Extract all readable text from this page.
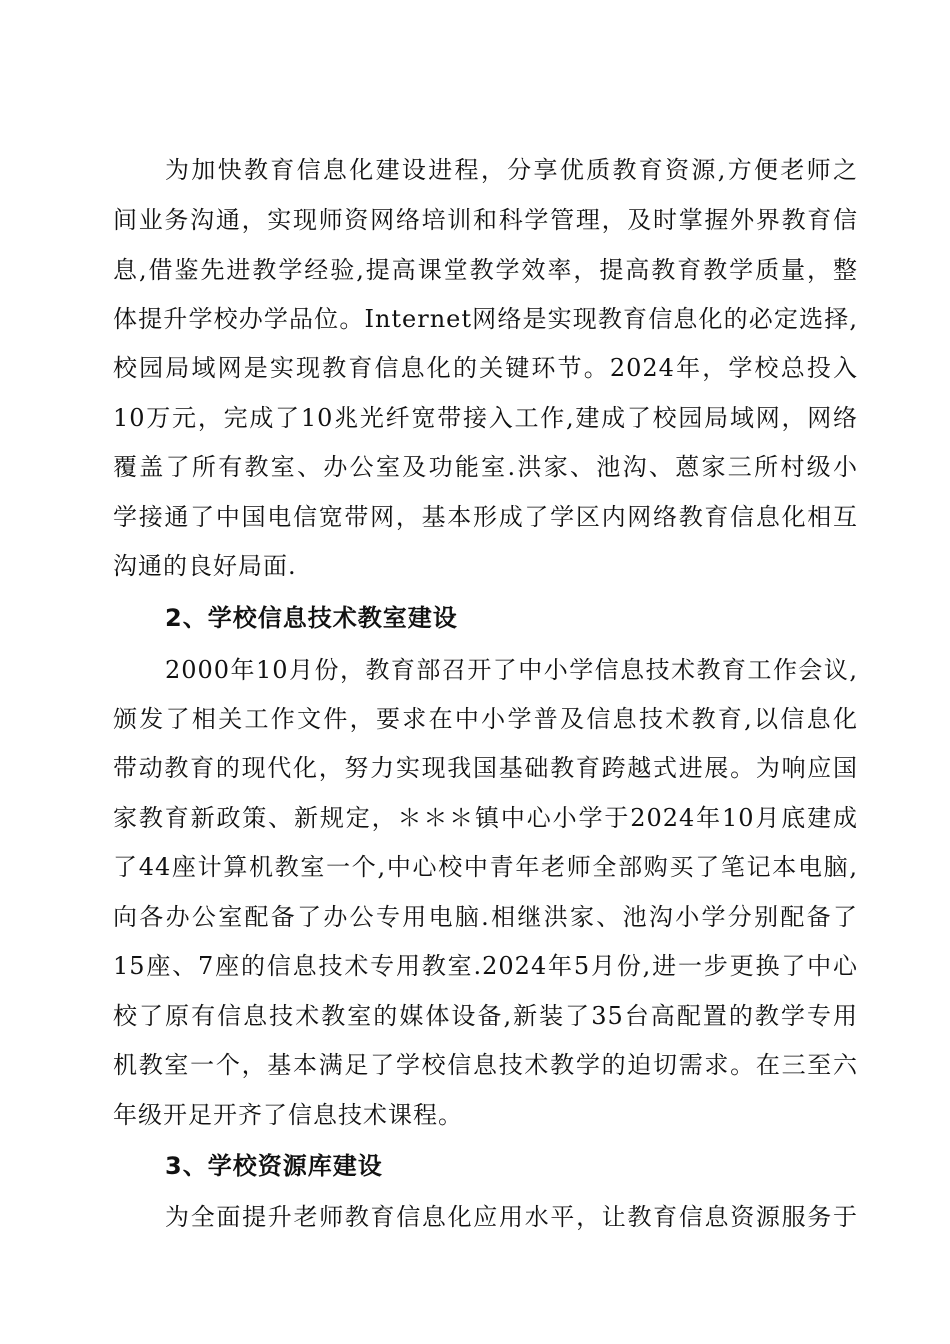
为加快教育信息化建设进程，分享优质教育资源,方便老师之
间业务沟通，实现师资网络培训和科学管理，及时掌握外界教育信
息,借鉴先进教学经验,提高课堂教学效率，提高教育教学质量，整
体提升学校办学品位。Internet网络是实现教育信息化的必定选择,
校园局域网是实现教育信息化的关键环节。2024年，学校总投入
10万元，完成了10兆光纤宽带接入工作,建成了校园局域网，网络
覆盖了所有教室、办公室及功能室.洪家、池沟、蒽家三所村级小
学接通了中国电信宽带网，基本形成了学区内网络教育信息化相互
沟通的良好局面.
2、学校信息技术教室建设
2000年10月份，教育部召开了中小学信息技术教育工作会议,
颁发了相关工作文件，要求在中小学普及信息技术教育,以信息化
带动教育的现代化，努力实现我国基础教育跨越式进展。为响应国
家教育新政策、新规定，＊＊＊镇中心小学于2024年10月底建成
了44座计算机教室一个,中心校中青年老师全部购买了笔记本电脑,
向各办公室配备了办公专用电脑.相继洪家、池沟小学分别配备了
15座、7座的信息技术专用教室.2024年5月份,进一步更换了中心
校了原有信息技术教室的媒体设备,新装了35台高配置的教学专用
机教室一个，基本满足了学校信息技术教学的迫切需求。在三至六
年级开足开齐了信息技术课程。
3、学校资源库建设
为全面提升老师教育信息化应用水平，让教育信息资源服务于
